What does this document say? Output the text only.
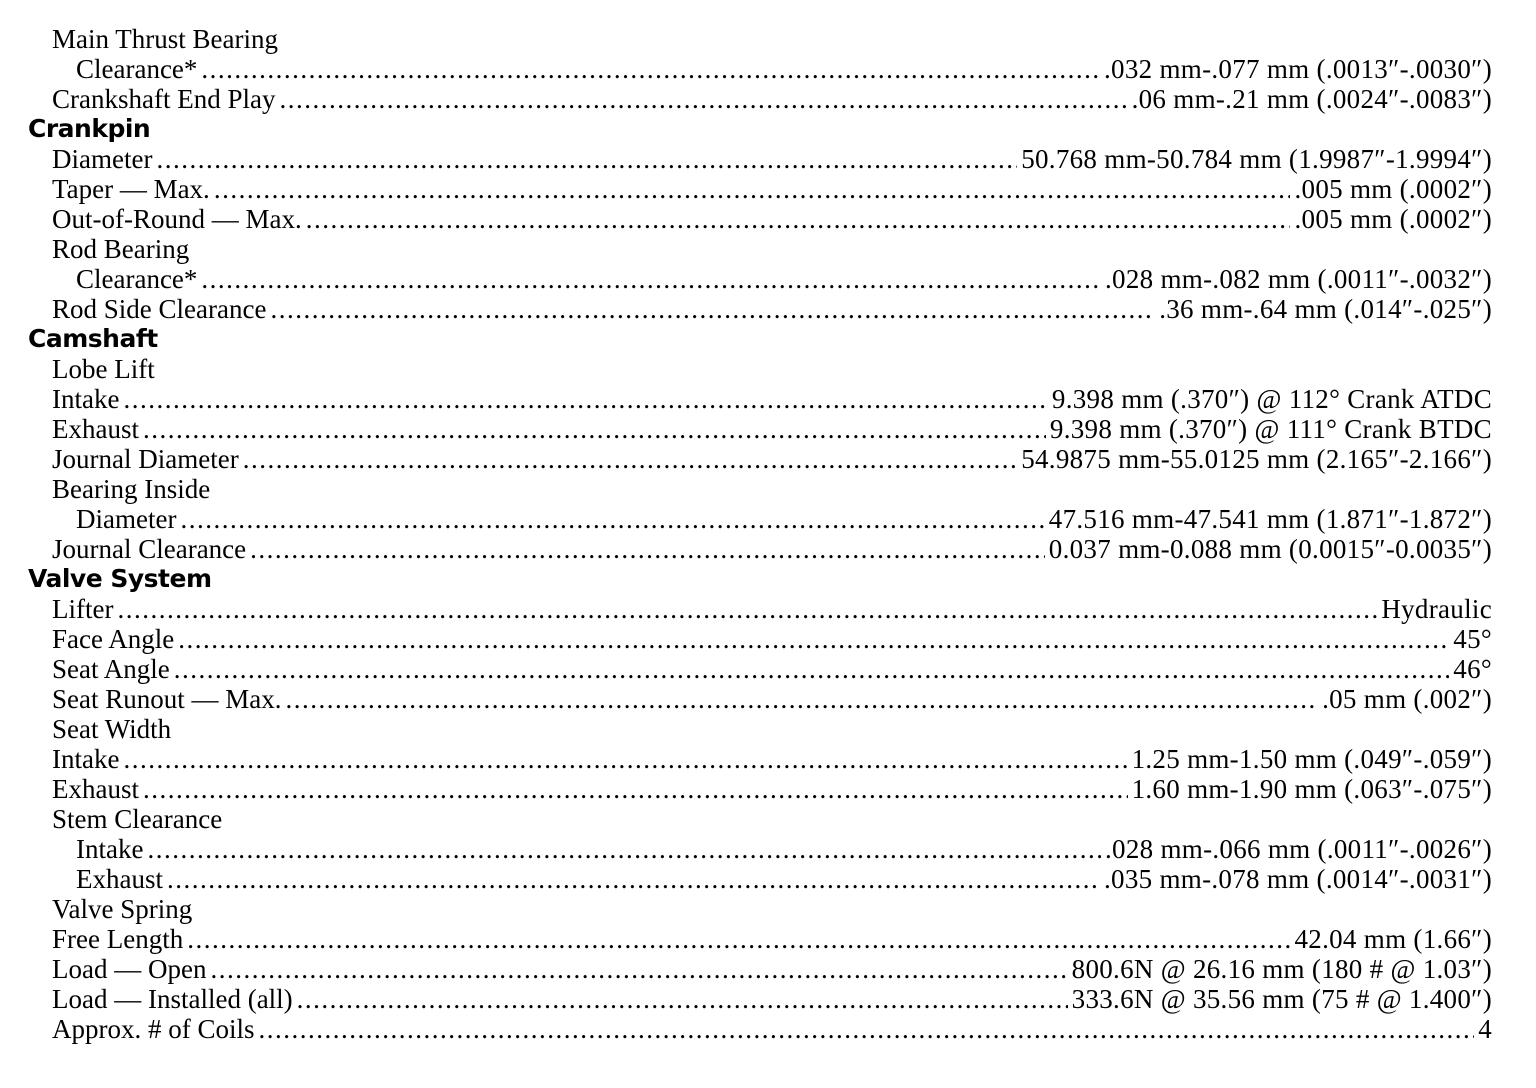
Main Thrust Bearing
Clearance* .....	.032 mm-.077 mm (.0013″-.0030″)
Crankshaft End Play .....	.06 mm-.21 mm (.0024″-.0083″)
Crankpin
Diameter .....	50.768 mm-50.784 mm (1.9987″-1.9994″)
Taper — Max. .....	.005 mm (.0002″)
Out-of-Round — Max. .....	.005 mm (.0002″)
Rod Bearing
Clearance* .....	.028 mm-.082 mm (.0011″-.0032″)
Rod Side Clearance .....	.36 mm-.64 mm (.014″-.025″)
Camshaft
Lobe Lift
Intake .....	9.398 mm (.370″) @ 112° Crank ATDC
Exhaust .....	9.398 mm (.370″) @ 111° Crank BTDC
Journal Diameter .....	54.9875 mm-55.0125 mm (2.165″-2.166″)
Bearing Inside
Diameter .....	47.516 mm-47.541 mm (1.871″-1.872″)
Journal Clearance .....	0.037 mm-0.088 mm (0.0015″-0.0035″)
Valve System
Lifter .....	Hydraulic
Face Angle .....	45°
Seat Angle .....	46°
Seat Runout — Max. .....	.05 mm (.002″)
Seat Width
Intake .....	1.25 mm-1.50 mm (.049″-.059″)
Exhaust .....	1.60 mm-1.90 mm (.063″-.075″)
Stem Clearance
Intake .....	.028 mm-.066 mm (.0011″-.0026″)
Exhaust .....	.035 mm-.078 mm (.0014″-.0031″)
Valve Spring
Free Length .....	42.04 mm (1.66″)
Load — Open .....	800.6N @ 26.16 mm (180 # @ 1.03″)
Load — Installed (all) .....	333.6N @ 35.56 mm (75 # @ 1.400″)
Approx. # of Coils .....	4
